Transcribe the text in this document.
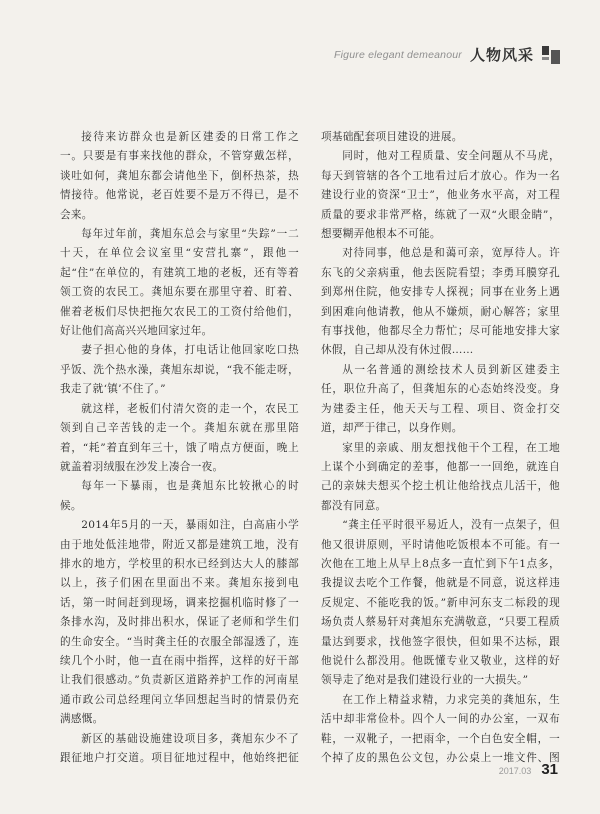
Figure elegant demeanour 人物风采

接待来访群众也是新区建委的日常工作之一。只要是有事来找他的群众，不管穿戴怎样，谈吐如何，龚旭东都会请他坐下，倒杯热茶，热情接待。他常说，老百姓要不是万不得已，是不会来。

每年过年前，龚旭东总会与家里“失踪”一二十天，在单位会议室里“安营扎寨”，跟他一起“住”在单位的，有建筑工地的老板，还有等着领工资的农民工。龚旭东要在那里守着、盯着、催着老板们尽快把拖欠农民工的工资付给他们，好让他们高高兴兴地回家过年。

妻子担心他的身体，打电话让他回家吃口热乎饭、洗个热水澡，龚旭东却说，“我不能走呀，我走了就‘镇’不住了。”

就这样，老板们付清欠资的走一个，农民工领到自己辛苦钱的走一个。龚旭东就在那里陪着，“耗”着直到年三十，饿了啃点方便面，晚上就盖着羽绒服在沙发上凑合一夜。

每年一下暴雨，也是龚旭东比较揪心的时候。

2014年5月的一天，暴雨如注，白高庙小学由于地处低洼地带，附近又都是建筑工地，没有排水的地方，学校里的积水已经到达大人的膝部以上，孩子们困在里面出不来。龚旭东接到电话，第一时间赶到现场，调来挖掘机临时修了一条排水沟，及时排出积水，保证了老师和学生们的生命安全。“当时龚主任的衣服全部湿透了，连续几个小时，他一直在雨中指挥，这样的好干部让我们很感动。”负责新区道路养护工作的河南星通市政公司总经理闰立华回想起当时的情景仍充满感慨。

新区的基础设施建设项目多，龚旭东少不了跟征地户打交道。项目征地过程中，他始终把征

项基础配套项目建设的进展。

同时，他对工程质量、安全问题从不马虎，每天到管辖的各个工地看过后才放心。作为一名建设行业的资深“卫士”，他业务水平高，对工程质量的要求非常严格，练就了一双“火眼金睛”，想要糊弄他根本不可能。

对待同事，他总是和蔼可亲，宽厚待人。许东飞的父亲病重，他去医院看望；李勇耳膜穿孔到郑州住院，他安排专人探视；同事在业务上遇到困难向他请教，他从不嫌烦，耐心解答；家里有事找他，他都尽全力帮忙；尽可能地安排大家休假，自己却从没有休过假……

从一名普通的测绘技术人员到新区建委主任，职位升高了，但龚旭东的心态始终没变。身为建委主任，他天天与工程、项目、资金打交道，却严于律己，以身作则。

家里的亲戚、朋友想找他干个工程，在工地上谋个小到确定的差事，他都一一回绝，就连自己的亲妹夫想买个挖土机让他给找点儿活干，他都没有同意。

“龚主任平时很平易近人，没有一点架子，但他又很讲原则，平时请他吃饭根本不可能。有一次他在工地上从早上8点多一直忙到下午1点多，我提议去吃个工作餐，他就是不同意，说这样违反规定、不能吃我的饭。”新申河东支二标段的现场负责人蔡易轩对龚旭东充满敬意，“只要工程质量达到要求，找他签字很快，但如果不达标，跟他说什么都没用。他既懂专业又敬业，这样的好领导走了绝对是我们建设行业的一大损失。”

在工作上精益求精，力求完美的龚旭东，生活中却非常俭朴。四个人一间的办公室，一双布鞋，一双靴子，一把雨伞，一个白色安全帽，一个掉了皮的黑色公文包，办公桌上一堆文件、图

2017.03 31
